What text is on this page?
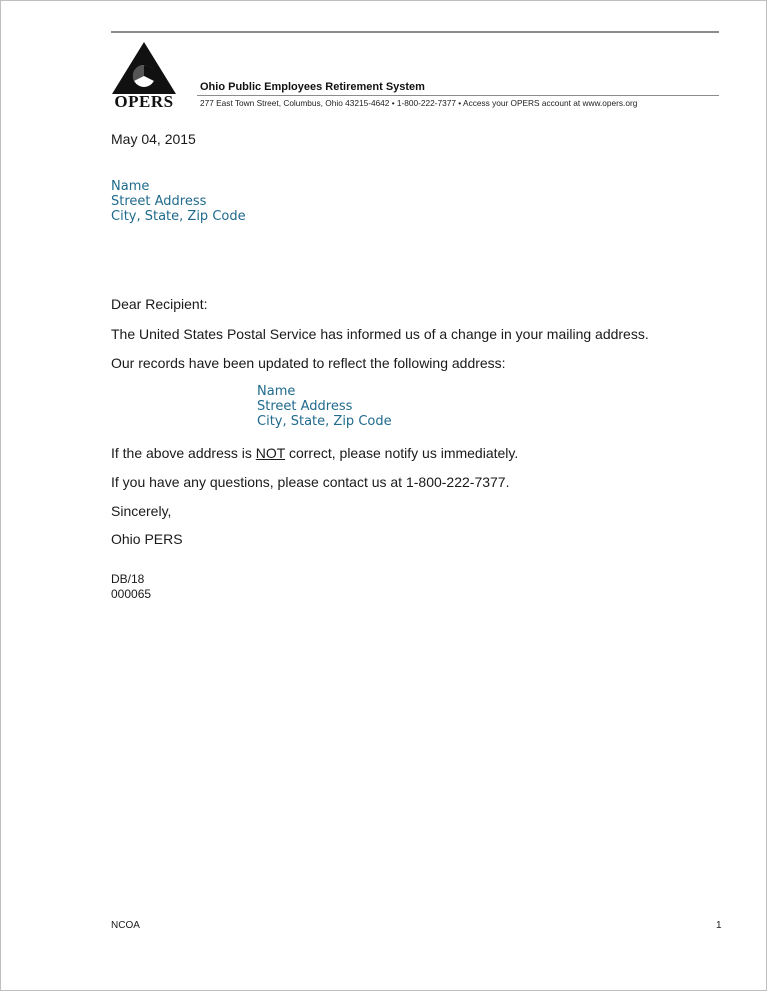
OPERS
Ohio Public Employees Retirement System
277 East Town Street, Columbus, Ohio 43215-4642 • 1-800-222-7377 • Access your OPERS account at www.opers.org
May 04, 2015
Name
Street Address
City, State, Zip Code
Dear Recipient:
The United States Postal Service has informed us of a change in your mailing address.
Our records have been updated to reflect the following address:
Name
Street Address
City, State, Zip Code
If the above address is NOT correct, please notify us immediately.
If you have any questions, please contact us at 1-800-222-7377.
Sincerely,
Ohio PERS
DB/18
000065
NCOA	1
